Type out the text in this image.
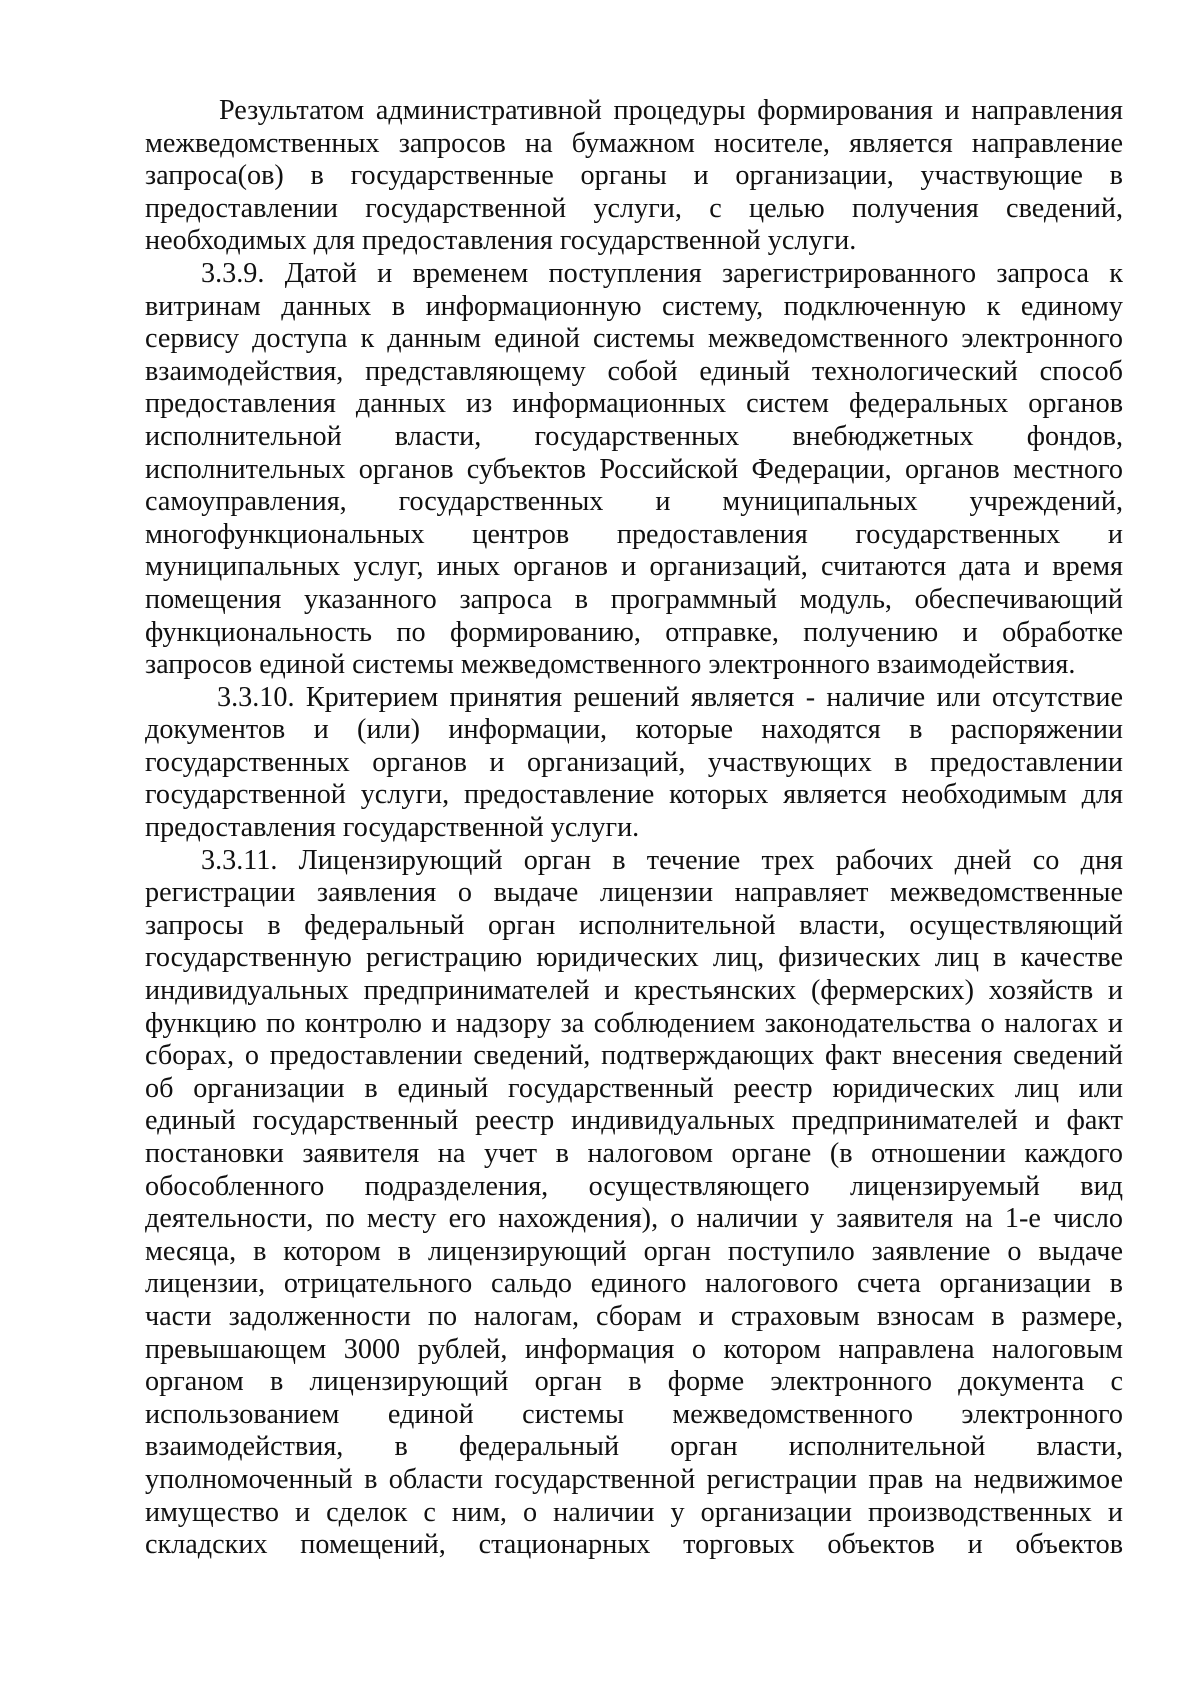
Результатом административной процедуры формирования и направления
межведомственных запросов на бумажном носителе, является направление
запроса(ов) в государственные органы и организации, участвующие в
предоставлении государственной услуги, с целью получения сведений,
необходимых для предоставления государственной услуги.
3.3.9. Датой и временем поступления зарегистрированного запроса к
витринам данных в информационную систему, подключенную к единому
сервису доступа к данным единой системы межведомственного электронного
взаимодействия, представляющему собой единый технологический способ
предоставления данных из информационных систем федеральных органов
исполнительной власти, государственных внебюджетных фондов,
исполнительных органов субъектов Российской Федерации, органов местного
самоуправления, государственных и муниципальных учреждений,
многофункциональных центров предоставления государственных и
муниципальных услуг, иных органов и организаций, считаются дата и время
помещения указанного запроса в программный модуль, обеспечивающий
функциональность по формированию, отправке, получению и обработке
запросов единой системы межведомственного электронного взаимодействия.
3.3.10. Критерием принятия решений является - наличие или отсутствие
документов и (или) информации, которые находятся в распоряжении
государственных органов и организаций, участвующих в предоставлении
государственной услуги, предоставление которых является необходимым для
предоставления государственной услуги.
3.3.11. Лицензирующий орган в течение трех рабочих дней со дня
регистрации заявления о выдаче лицензии направляет межведомственные
запросы в федеральный орган исполнительной власти, осуществляющий
государственную регистрацию юридических лиц, физических лиц в качестве
индивидуальных предпринимателей и крестьянских (фермерских) хозяйств и
функцию по контролю и надзору за соблюдением законодательства о налогах и
сборах, о предоставлении сведений, подтверждающих факт внесения сведений
об организации в единый государственный реестр юридических лиц или
единый государственный реестр индивидуальных предпринимателей и факт
постановки заявителя на учет в налоговом органе (в отношении каждого
обособленного подразделения, осуществляющего лицензируемый вид
деятельности, по месту его нахождения), о наличии у заявителя на 1-е число
месяца, в котором в лицензирующий орган поступило заявление о выдаче
лицензии, отрицательного сальдо единого налогового счета организации в
части задолженности по налогам, сборам и страховым взносам в размере,
превышающем 3000 рублей, информация о котором направлена налоговым
органом в лицензирующий орган в форме электронного документа с
использованием единой системы межведомственного электронного
взаимодействия, в федеральный орган исполнительной власти,
уполномоченный в области государственной регистрации прав на недвижимое
имущество и сделок с ним, о наличии у организации производственных и
складских помещений, стационарных торговых объектов и объектов
